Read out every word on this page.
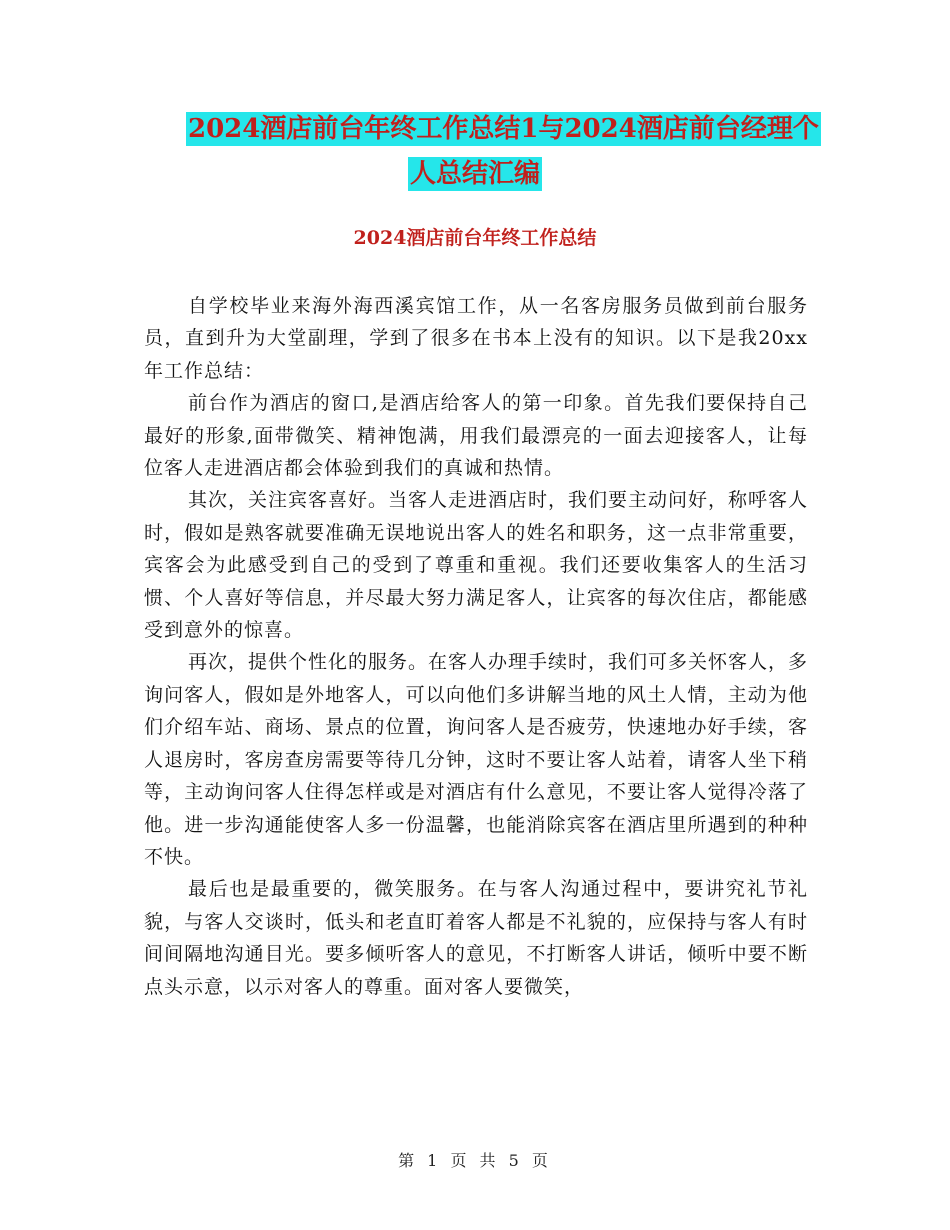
2024酒店前台年终工作总结1与2024酒店前台经理个
人总结汇编
2024酒店前台年终工作总结

自学校毕业来海外海西溪宾馆工作，从一名客房服务员做到前台服务员，直到升为大堂副理，学到了很多在书本上没有的知识。以下是我20xx年工作总结：

前台作为酒店的窗口,是酒店给客人的第一印象。首先我们要保持自己最好的形象,面带微笑、精神饱满，用我们最漂亮的一面去迎接客人，让每位客人走进酒店都会体验到我们的真诚和热情。

其次，关注宾客喜好。当客人走进酒店时，我们要主动问好，称呼客人时，假如是熟客就要准确无误地说出客人的姓名和职务，这一点非常重要，宾客会为此感受到自己的受到了尊重和重视。我们还要收集客人的生活习惯、个人喜好等信息，并尽最大努力满足客人，让宾客的每次住店，都能感受到意外的惊喜。

再次，提供个性化的服务。在客人办理手续时，我们可多关怀客人，多询问客人，假如是外地客人，可以向他们多讲解当地的风土人情，主动为他们介绍车站、商场、景点的位置，询问客人是否疲劳，快速地办好手续，客人退房时，客房查房需要等待几分钟，这时不要让客人站着，请客人坐下稍等，主动询问客人住得怎样或是对酒店有什么意见，不要让客人觉得冷落了他。进一步沟通能使客人多一份温馨，也能消除宾客在酒店里所遇到的种种不快。

最后也是最重要的，微笑服务。在与客人沟通过程中，要讲究礼节礼貌，与客人交谈时，低头和老直盯着客人都是不礼貌的，应保持与客人有时间间隔地沟通目光。要多倾听客人的意见，不打断客人讲话，倾听中要不断点头示意，以示对客人的尊重。面对客人要微笑，

第 1 页 共 5 页
